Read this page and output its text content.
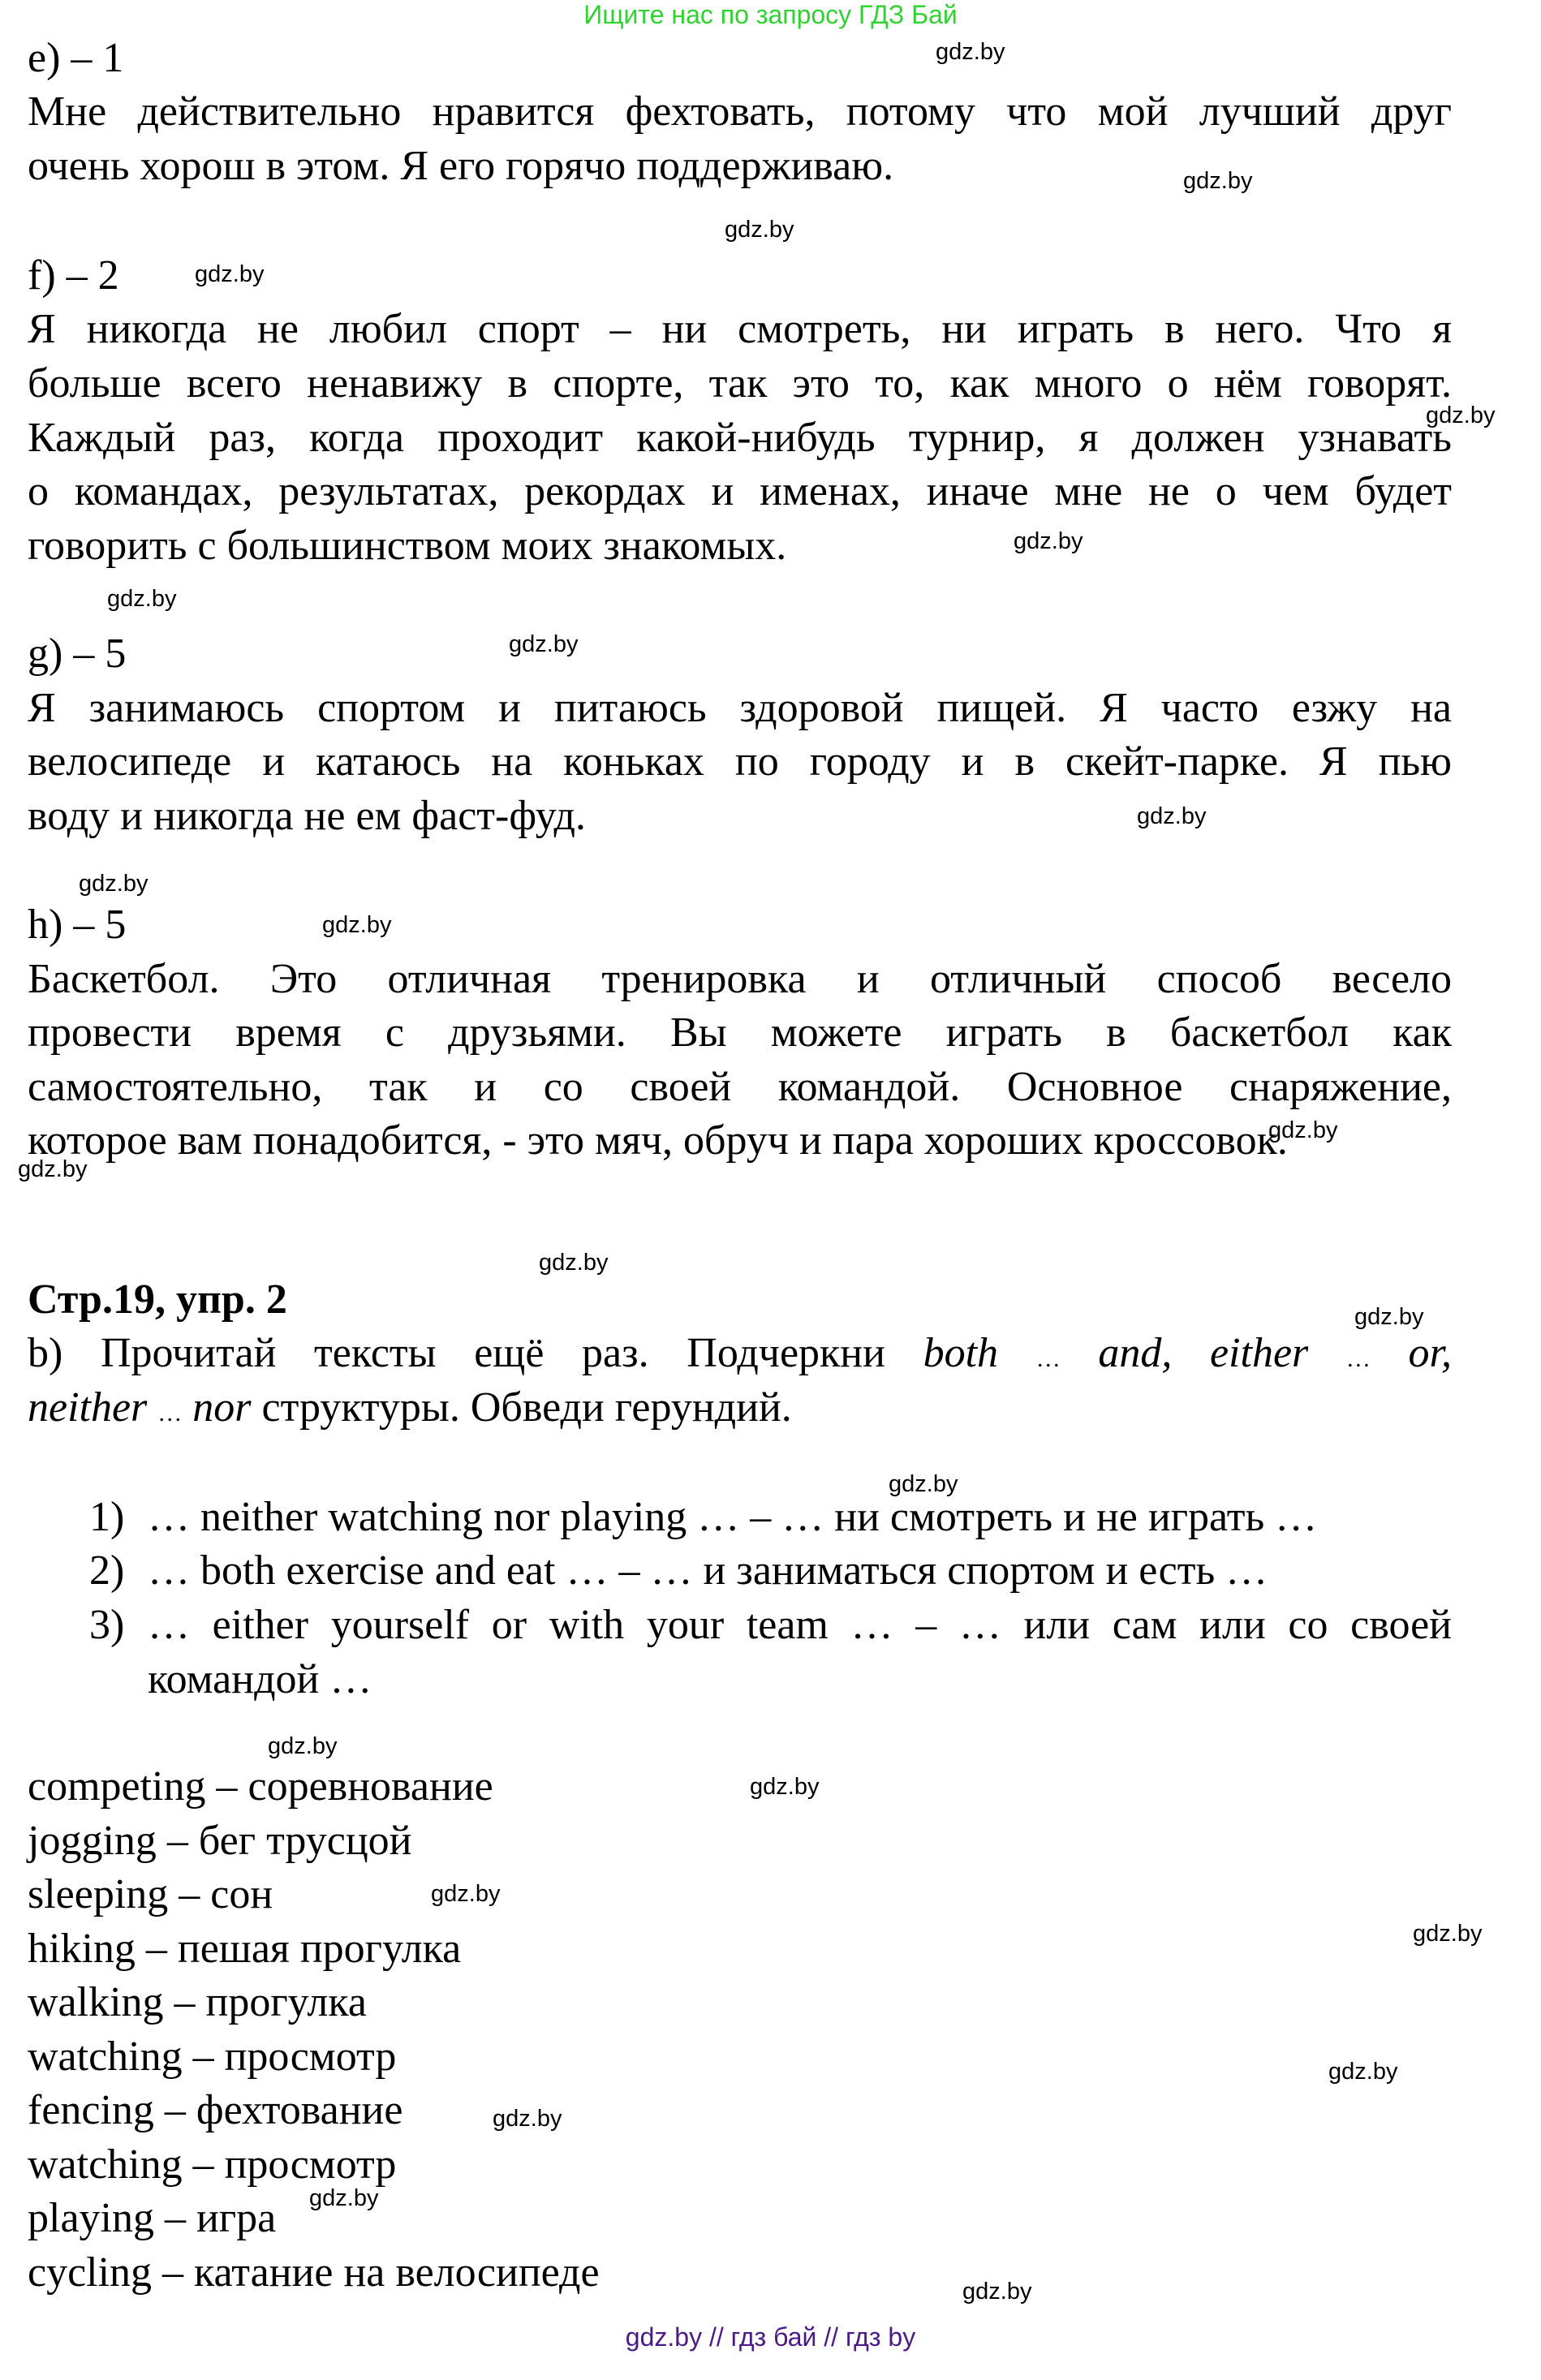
Ищите нас по запросу ГДЗ Бай
e) – 1
Мне действительно нравится фехтовать, потому что мой лучший друг
очень хорош в этом. Я его горячо поддерживаю.
f) – 2
Я никогда не любил спорт – ни смотреть, ни играть в него. Что я
больше всего ненавижу в спорте, так это то, как много о нём говорят.
Каждый раз, когда проходит какой-нибудь турнир, я должен узнавать
о командах, результатах, рекордах и именах, иначе мне не о чем будет
говорить с большинством моих знакомых.
g) – 5
Я занимаюсь спортом и питаюсь здоровой пищей. Я часто езжу на
велосипеде и катаюсь на коньках по городу и в скейт-парке. Я пью
воду и никогда не ем фаст-фуд.
h) – 5
Баскетбол. Это отличная тренировка и отличный способ весело
провести время с друзьями. Вы можете играть в баскетбол как
самостоятельно, так и со своей командой. Основное снаряжение,
которое вам понадобится, - это мяч, обруч и пара хороших кроссовок.
Стр.19, упр. 2
b) Прочитай тексты ещё раз. Подчеркни both … and, either … or,
neither … nor структуры. Обведи герундий.
1) … neither watching nor playing … – … ни смотреть и не играть …
2) … both exercise and eat … – … и заниматься спортом и есть …
3) … either yourself or with your team … – … или сам или со своей
командой …
competing – соревнование
jogging – бег трусцой
sleeping – сон
hiking – пешая прогулка
walking – прогулка
watching – просмотр
fencing – фехтование
watching – просмотр
playing – игра
cycling – катание на велосипеде
gdz.by
gdz.by
gdz.by
gdz.by
gdz.by
gdz.by
gdz.by
gdz.by
gdz.by
gdz.by
gdz.by
gdz.by
gdz.by
gdz.by
gdz.by
gdz.by
gdz.by
gdz.by
gdz.by
gdz.by
gdz.by
gdz.by
gdz.by
gdz.by
gdz.by // гдз бай // гдз by
